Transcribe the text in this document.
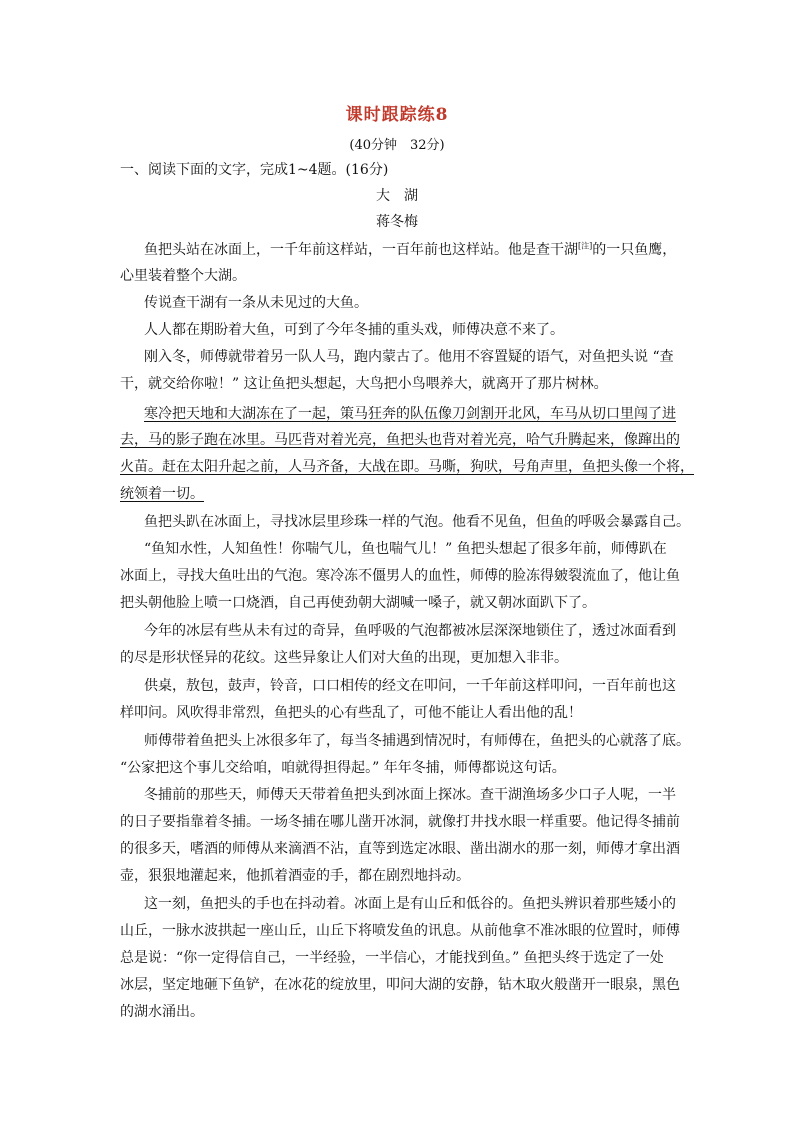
课时跟踪练8
(40分钟　32分)
一、阅读下面的文字，完成1~4题。(16分)
大　湖
蒋冬梅
鱼把头站在冰面上，一千年前这样站，一百年前也这样站。他是查干湖[注]的一只鱼鹰，
心里装着整个大湖。
传说查干湖有一条从未见过的大鱼。
人人都在期盼着大鱼，可到了今年冬捕的重头戏，师傅决意不来了。
刚入冬，师傅就带着另一队人马，跑内蒙古了。他用不容置疑的语气，对鱼把头说 “查
干，就交给你啦！” 这让鱼把头想起，大鸟把小鸟喂养大，就离开了那片树林。
寒冷把天地和大湖冻在了一起，策马狂奔的队伍像刀剑割开北风，车马从切口里闯了进
去，马的影子跑在冰里。马匹背对着光亮，鱼把头也背对着光亮，哈气升腾起来，像蹿出的
火苗。赶在太阳升起之前，人马齐备，大战在即。马嘶，狗吠，号角声里，鱼把头像一个将，
统领着一切。
鱼把头趴在冰面上，寻找冰层里珍珠一样的气泡。他看不见鱼，但鱼的呼吸会暴露自己。
“鱼知水性，人知鱼性！你喘气儿，鱼也喘气儿！” 鱼把头想起了很多年前，师傅趴在
冰面上，寻找大鱼吐出的气泡。寒冷冻不僵男人的血性，师傅的脸冻得皴裂流血了，他让鱼
把头朝他脸上喷一口烧酒，自己再使劲朝大湖喊一嗓子，就又朝冰面趴下了。
今年的冰层有些从未有过的奇异，鱼呼吸的气泡都被冰层深深地锁住了，透过冰面看到
的尽是形状怪异的花纹。这些异象让人们对大鱼的出现，更加想入非非。
供桌，敖包，鼓声，铃音，口口相传的经文在叩问，一千年前这样叩问，一百年前也这
样叩问。风吹得非常烈，鱼把头的心有些乱了，可他不能让人看出他的乱！
师傅带着鱼把头上冰很多年了，每当冬捕遇到情况时，有师傅在，鱼把头的心就落了底。
“公家把这个事儿交给咱，咱就得担得起。” 年年冬捕，师傅都说这句话。
冬捕前的那些天，师傅天天带着鱼把头到冰面上探冰。查干湖渔场多少口子人呢，一半
的日子要指靠着冬捕。一场冬捕在哪儿凿开冰洞，就像打井找水眼一样重要。他记得冬捕前
的很多天，嗜酒的师傅从来滴酒不沾，直等到选定冰眼、凿出湖水的那一刻，师傅才拿出酒
壶，狠狠地灌起来，他抓着酒壶的手，都在剧烈地抖动。
这一刻，鱼把头的手也在抖动着。冰面上是有山丘和低谷的。鱼把头辨识着那些矮小的
山丘，一脉水波拱起一座山丘，山丘下将喷发鱼的讯息。从前他拿不准冰眼的位置时，师傅
总是说：“你一定得信自己，一半经验，一半信心，才能找到鱼。” 鱼把头终于选定了一处
冰层，坚定地砸下鱼铲，在冰花的绽放里，叩问大湖的安静，钻木取火般凿开一眼泉，黑色
的湖水涌出。
